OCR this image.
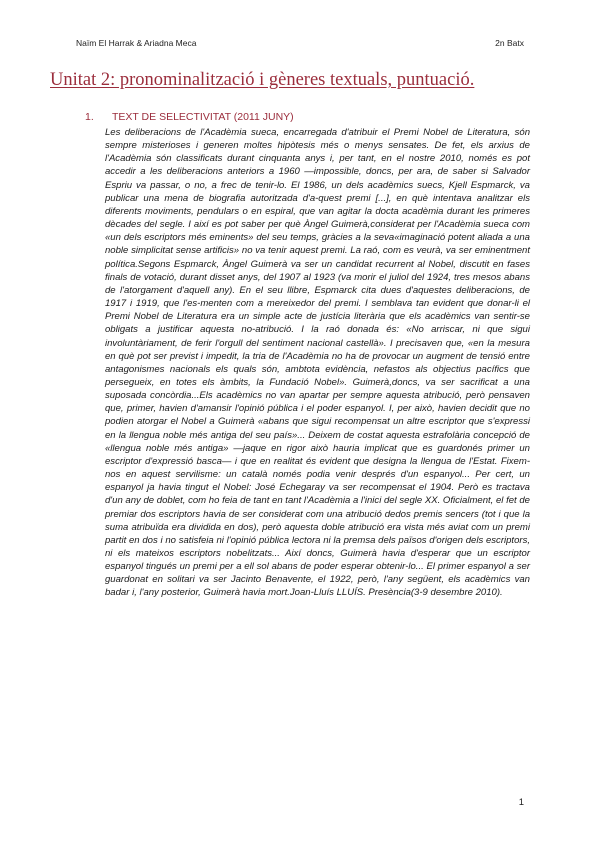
Naïm El Harrak & Ariadna Meca	2n Batx
Unitat 2: pronominalització i gèneres textuals, puntuació.
1.	TEXT DE SELECTIVITAT (2011 JUNY)

Les deliberacions de l'Acadèmia sueca, encarregada d'atribuir el Premi Nobel de Literatura, són sempre misterioses i generen moltes hipòtesis més o menys sensates. De fet, els arxius de l'Acadèmia són classificats durant cinquanta anys i, per tant, en el nostre 2010, només es pot accedir a les deliberacions anteriors a 1960 —impossible, doncs, per ara, de saber si Salvador Espriu va passar, o no, a frec de tenir-lo. El 1986, un dels acadèmics suecs, Kjell Espmarck, va publicar una mena de biografia autoritzada d'a-quest premi [...], en què intentava analitzar els diferents moviments, pendulars o en espiral, que van agitar la docta acadèmia durant les primeres dècades del segle. I així es pot saber per què Àngel Guimerà,considerat per l'Acadèmia sueca com «un dels escriptors més eminents» del seu temps, gràcies a la seva«imaginació potent aliada a una noble simplicitat sense artificis» no va tenir aquest premi. La raó, com es veurà, va ser eminentment política.Segons Espmarck, Àngel Guimerà va ser un candidat recurrent al Nobel, discutit en fases finals de votació, durant disset anys, del 1907 al 1923 (va morir el juliol del 1924, tres mesos abans de l'atorgament d'aquell any). En el seu llibre, Espmarck cita dues d'aquestes deliberacions, de 1917 i 1919, que l'es-menten com a mereixedor del premi. I semblava tan evident que donar-li el Premi Nobel de Literatura era un simple acte de justícia literària que els acadèmics van sentir-se obligats a justificar aquesta no-atribució. I la raó donada és: «No arriscar, ni que sigui involuntàriament, de ferir l'orgull del sentiment nacional castellà». I precisaven que, «en la mesura en què pot ser previst i impedit, la tria de l'Acadèmia no ha de provocar un augment de tensió entre antagonismes nacionals els quals són, ambtota evidència, nefastos als objectius pacífics que persegueix, en totes els àmbits, la Fundació Nobel». Guimerà,doncs, va ser sacrificat a una suposada concòrdia...Els acadèmics no van apartar per sempre aquesta atribució, però pensaven que, primer, havien d'amansir l'opinió pública i el poder espanyol. I, per això, havien decidit que no podien atorgar el Nobel a Guimerà «abans que sigui recompensat un altre escriptor que s'expressi en la llengua noble més antiga del seu país»... Deixem de costat aquesta estrafolària concepció de «llengua noble més antiga» —jaque en rigor això hauria implicat que es guardonés primer un escriptor d'expressió basca— i que en realitat és evident que designa la llengua de l'Estat. Fixem-nos en aquest servilisme: un català només podia venir després d'un espanyol... Per cert, un espanyol ja havia tingut el Nobel: José Echegaray va ser recompensat el 1904. Però es tractava d'un any de doblet, com ho feia de tant en tant l'Acadèmia a l'inici del segle XX. Oficialment, el fet de premiar dos escriptors havia de ser considerat com una atribució dedos premis sencers (tot i que la suma atribuïda era dividida en dos), però aquesta doble atribució era vista més aviat com un premi partit en dos i no satisfeia ni l'opinió pública lectora ni la premsa dels països d'origen dels escriptors, ni els mateixos escriptors nobelitzats... Així doncs, Guimerà havia d'esperar que un escriptor espanyol tingués un premi per a ell sol abans de poder esperar obtenir-lo... El primer espanyol a ser guardonat en solitari va ser Jacinto Benavente, el 1922, però, l'any següent, els acadèmics van badar i, l'any posterior, Guimerà havia mort.Joan-Lluís LLUÍS. Presència(3-9 desembre 2010).

1
